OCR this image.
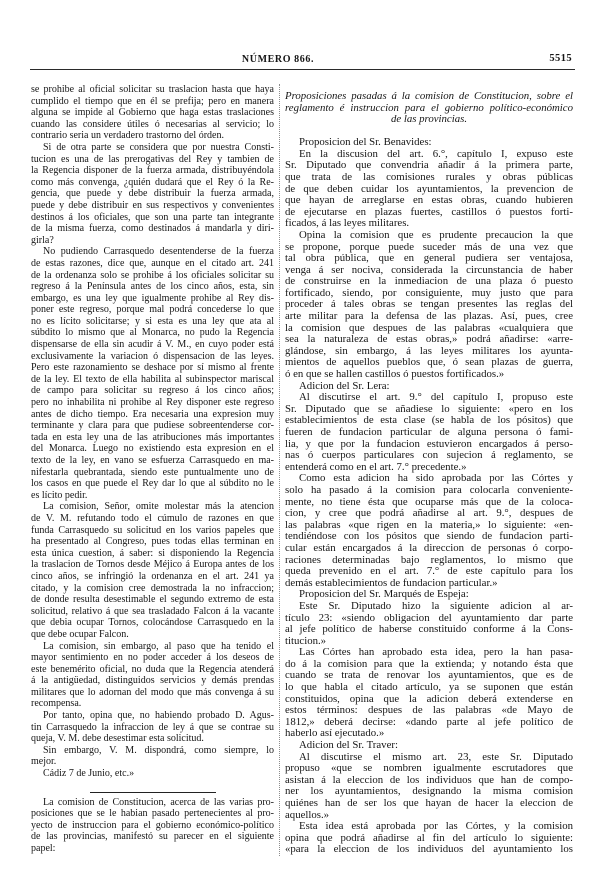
NÚMERO 866.	5515
se prohibe al oficial solicitar su traslacion hasta que haya
cumplido el tiempo que en él se prefija; pero en manera
alguna se impide al Gobierno que haga estas traslaciones
cuando las considere útiles ó necesarias al servicio; lo
contrario seria un verdadero trastorno del órden.
Si de otra parte se considera que por nuestra Consti-
tucion es una de las prerogativas del Rey y tambien de
la Regencia disponer de la fuerza armada, distribuyéndola
como más convenga, ¿quién dudará que el Rey ó la Re-
gencia, que puede y debe distribuir la fuerza armada,
puede y debe distribuir en sus respectivos y convenientes
destinos á los oficiales, que son una parte tan integrante
de la misma fuerza, como destinados á mandarla y diri-
girla?
No pudiendo Carrasquedo desentenderse de la fuerza
de estas razones, dice que, aunque en el citado art. 241
de la ordenanza solo se prohibe á los oficiales solicitar su
regreso á la Península antes de los cinco años, esta, sin
embargo, es una ley que igualmente prohibe al Rey dis-
poner este regreso, porque mal podrá concederse lo que
no es lícito solicitarse; y si esta es una ley que ata al
súbdito lo mismo que al Monarca, no pudo la Regencia
dispensarse de ella sin acudir á V. M., en cuyo poder está
exclusivamente la variacion ó dispensacion de las leyes.
Pero este razonamiento se deshace por sí mismo al frente
de la ley. El texto de ella habilita al subinspector mariscal
de campo para solicitar su regreso á los cinco años;
pero no inhabilita ni prohibe al Rey disponer este regreso
antes de dicho tiempo. Era necesaria una expresion muy
terminante y clara para que pudiese sobreentenderse cor-
tada en esta ley una de las atribuciones más importantes
del Monarca. Luego no existiendo esta expresion en el
texto de la ley, en vano se esfuerza Carrasquedo en ma-
nifestarla quebrantada, siendo este puntualmente uno de
los casos en que puede el Rey dar lo que al súbdito no le
es lícito pedir.
La comision, Señor, omite molestar más la atencion
de V. M. refutando todo el cúmulo de razones en que
funda Carrasquedo su solicitud en los varios papeles que
ha presentado al Congreso, pues todas ellas terminan en
esta única cuestion, á saber: si disponiendo la Regencia
la traslacion de Tornos desde Méjico á Europa antes de los
cinco años, se infringió la ordenanza en el art. 241 ya
citado, y la comision cree demostrada la no infraccion;
de donde resulta desestimable el segundo extremo de esta
solicitud, relativo á que sea trasladado Falcon á la vacante
que debia ocupar Tornos, colocándose Carrasquedo en la
que debe ocupar Falcon.
La comision, sin embargo, al paso que ha tenido el
mayor sentimiento en no poder acceder á los deseos de
este benemérito oficial, no duda que la Regencia atenderá
á la antigüedad, distinguidos servicios y demás prendas
militares que lo adornan del modo que más convenga á su
recompensa.
Por tanto, opina que, no habiendo probado D. Agus-
tin Carrasquedo la infraccion de ley á que se contrae su
queja, V. M. debe desestimar esta solicitud.
Sin embargo, V. M. dispondrá, como siempre, lo
mejor.
Cádiz 7 de Junio, etc.»
La comision de Constitucion, acerca de las varias pro-
posiciones que se le habian pasado pertenecientes al pro-
yecto de instruccion para el gobierno económico-político
de las provincias, manifestó su parecer en el siguiente
papel:
Proposiciones pasadas á la comision de Constitucion, sobre el
reglamento é instruccion para el gobierno político-económico
de las provincias.
Proposicion del Sr. Benavides:
En la discusion del art. 6.°, capítulo I, expuso este
Sr. Diputado que convendria añadir á la primera parte,
que trata de las comisiones rurales y obras públicas
de que deben cuidar los ayuntamientos, la prevencion de
que hayan de arreglarse en estas obras, cuando hubieren
de ejecutarse en plazas fuertes, castillos ó puestos forti-
ficados, á las leyes militares.
Opina la comision que es prudente precaucion la que
se propone, porque puede suceder más de una vez que
tal obra pública, que en general pudiera ser ventajosa,
venga á ser nociva, considerada la circunstancia de haber
de construirse en la inmediacion de una plaza ó puesto
fortificado, siendo, por consiguiente, muy justo que para
proceder á tales obras se tengan presentes las reglas del
arte militar para la defensa de las plazas. Así, pues, cree
la comision que despues de las palabras «cualquiera que
sea la naturaleza de estas obras,» podrá añadirse: «arre-
glándose, sin embargo, á las leyes militares los ayunta-
mientos de aquellos pueblos que, ó sean plazas de guerra,
ó en que se hallen castillos ó puestos fortificados.»
Adicion del Sr. Lera:
Al discutirse el art. 9.° del capítulo I, propuso este
Sr. Diputado que se añadiese lo siguiente: «pero en los
establecimientos de esta clase (se habla de los pósitos) que
fueren de fundacion particular de alguna persona ó fami-
lia, y que por la fundacion estuvieron encargados á perso-
nas ó cuerpos particulares con sujecion á reglamento, se
entenderá como en el art. 7.° precedente.»
Como esta adicion ha sido aprobada por las Córtes y
solo ha pasado á la comision para colocarla conveniente-
mente, no tiene ésta que ocuparse más que de la coloca-
cion, y cree que podrá añadirse al art. 9.°, despues de
las palabras «que rigen en la materia,» lo siguiente: «en-
tendiéndose con los pósitos que siendo de fundacion parti-
cular están encargados á la direccion de personas ó corpo-
raciones determinadas bajo reglamentos, lo mismo que
queda prevenido en el art. 7.° de este capítulo para los
demás establecimientos de fundacion particular.»
Proposicion del Sr. Marqués de Espeja:
Este Sr. Diputado hizo la siguiente adicion al ar-
tículo 23: «siendo obligacion del ayuntamiento dar parte
al jefe político de haberse constituido conforme á la Cons-
titucion.»
Las Córtes han aprobado esta idea, pero la han pasa-
do á la comision para que la extienda; y notando ésta que
cuando se trata de renovar los ayuntamientos, que es de
lo que habla el citado artículo, ya se suponen que están
constituidos, opina que la adicion deberá extenderse en
estos términos: despues de las palabras «de Mayo de
1812,» deberá decirse: «dando parte al jefe político de
haberlo así ejecutado.»
Adicion del Sr. Traver:
Al discutirse el mismo art. 23, este Sr. Diputado
propuso «que se nombren igualmente escrutadores que
asistan á la eleccion de los individuos que han de compo-
ner los ayuntamientos, designando la misma comision
quiénes han de ser los que hayan de hacer la eleccion de
aquellos.»
Esta idea está aprobada por las Córtes, y la comision
opina que podrá añadirse al fin del artículo lo siguiente:
«para la eleccion de los individuos del ayuntamiento los
